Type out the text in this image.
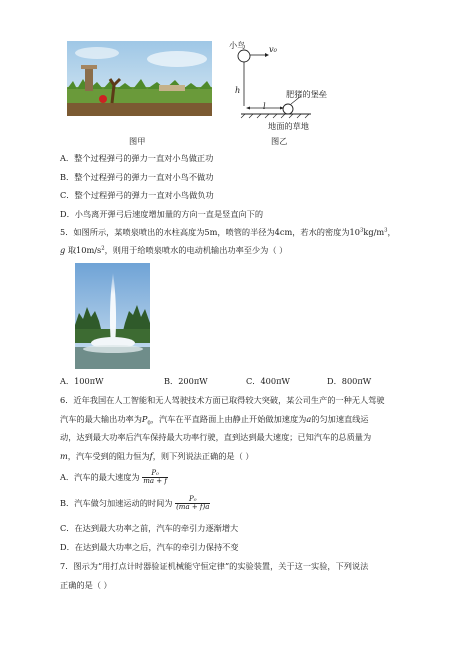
小鸟	v₀
h
l
肥猪的堡垒
地面的草地
图甲	图乙
A．整个过程弹弓的弹力一直对小鸟做正功
B．整个过程弹弓的弹力一直对小鸟不做功
C．整个过程弹弓的弹力一直对小鸟做负功
D．小鸟离开弹弓后速度增加量的方向一直是竖直向下的
5．如图所示，某喷泉喷出的水柱高度为5m，喷管的半径为4cm，若水的密度为$10^3kg/m^3$，
g 取$10m/s^2$，则用于给喷泉喷水的电动机输出功率至少为（ ）
A．100πW	B．200πW	C．400πW	D．800πW
6．近年我国在人工智能和无人驾驶技术方面已取得较大突破，某公司生产的一种无人驾驶
汽车的最大输出功率为$P_0$，汽车在平直路面上由静止开始做加速度为a的匀加速直线运
动，达到最大功率后汽车保持最大功率行驶，直到达到最大速度；已知汽车的总质量为
m，汽车受到的阻力恒为f，则下列说法正确的是（ ）
A．汽车的最大速度为 $\frac{\text{P₀}}{ma + f}$
B．汽车做匀加速运动的时间为 $\frac{\text{P₀}}{(ma + f)a}$
C．在达到最大功率之前，汽车的牵引力逐渐增大
D．在达到最大功率之后，汽车的牵引力保持不变
7．图示为“用打点计时器验证机械能守恒定律”的实验装置，关于这一实验，下列说法
正确的是（ ）
